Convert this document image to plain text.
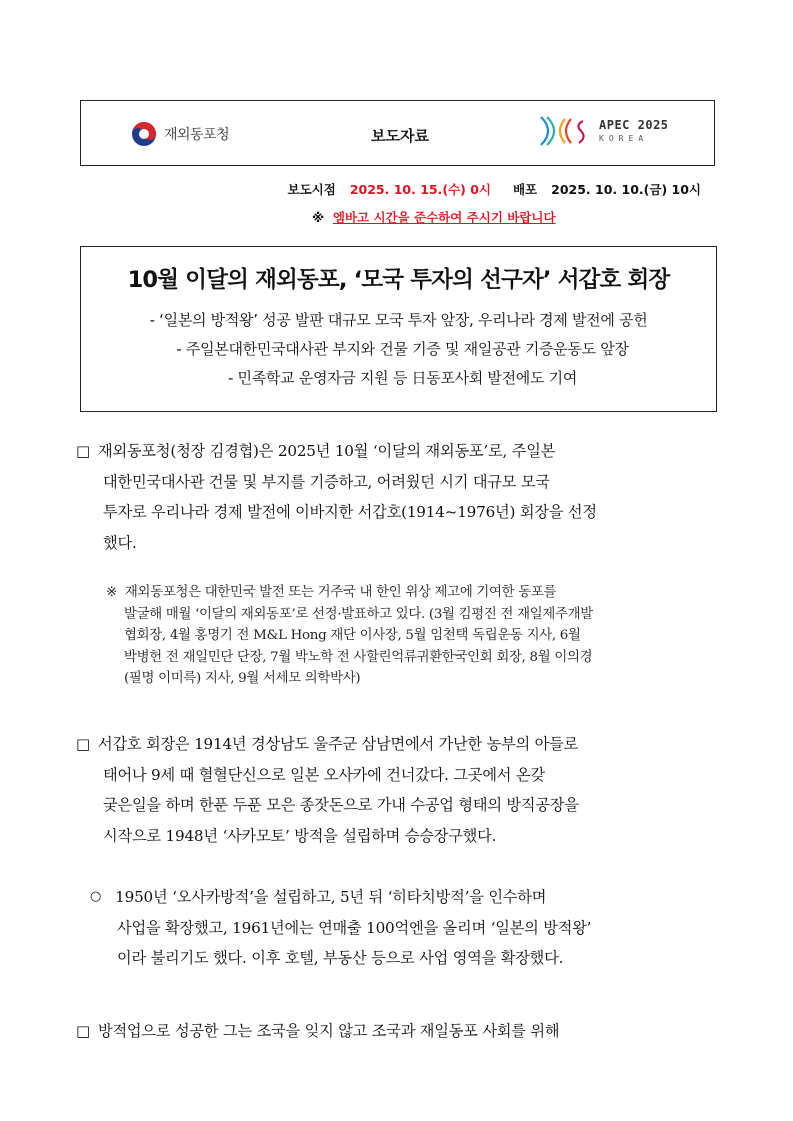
재외동포청	보도자료
APEC 2025
KOREA
보도시점 2025. 10. 15.(수) 0시 배포 2025. 10. 10.(금) 10시
※ 엠바고 시간을 준수하여 주시기 바랍니다
10월 이달의 재외동포, ‘모국 투자의 선구자’ 서갑호 회장
- ‘일본의 방적왕’ 성공 발판 대규모 모국 투자 앞장, 우리나라 경제 발전에 공헌
- 주일본대한민국대사관 부지와 건물 기증 및 재일공관 기증운동도 앞장
- 민족학교 운영자금 지원 등 日동포사회 발전에도 기여
□ 재외동포청(청장 김경협)은 2025년 10월 ‘이달의 재외동포’로, 주일본
대한민국대사관 건물 및 부지를 기증하고, 어려웠던 시기 대규모 모국
투자로 우리나라 경제 발전에 이바지한 서갑호(1914~1976년) 회장을 선정
했다.
※ 재외동포청은 대한민국 발전 또는 거주국 내 한인 위상 제고에 기여한 동포를
발굴해 매월 ‘이달의 재외동포’로 선정·발표하고 있다. (3월 김평진 전 재일제주개발
협회장, 4월 홍명기 전 M&L Hong 재단 이사장, 5월 임천택 독립운동 지사, 6월
박병헌 전 재일민단 단장, 7월 박노학 전 사할린억류귀환한국인회 회장, 8월 이의경
(필명 이미륵) 지사, 9월 서세모 의학박사)
□ 서갑호 회장은 1914년 경상남도 울주군 삼남면에서 가난한 농부의 아들로
태어나 9세 때 혈혈단신으로 일본 오사카에 건너갔다. 그곳에서 온갖
궂은일을 하며 한푼 두푼 모은 종잣돈으로 가내 수공업 형태의 방직공장을
시작으로 1948년 ‘사카모토’ 방적을 설립하며 승승장구했다.
○ 1950년 ‘오사카방적’을 설립하고, 5년 뒤 ‘히타치방적’을 인수하며
사업을 확장했고, 1961년에는 연매출 100억엔을 올리며 ‘일본의 방적왕’
이라 불리기도 했다. 이후 호텔, 부동산 등으로 사업 영역을 확장했다.
□ 방적업으로 성공한 그는 조국을 잊지 않고 조국과 재일동포 사회를 위해
